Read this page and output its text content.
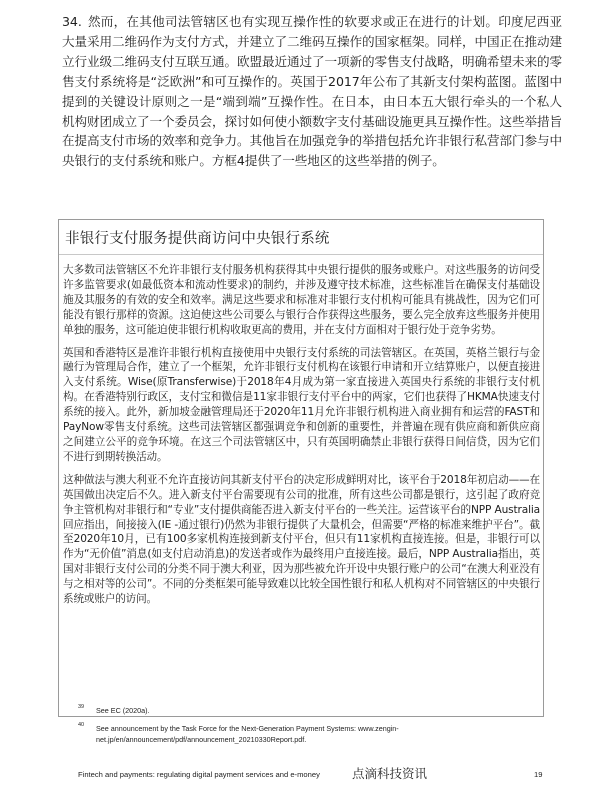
34. 然而，在其他司法管辖区也有实现互操作性的软要求或正在进行的计划。印度尼西亚大量采用二维码作为支付方式，并建立了二维码互操作的国家框架。同样，中国正在推动建立行业级二维码支付互联互通。欧盟最近通过了一项新的零售支付战略，明确希望未来的零售支付系统将是“泛欧洲”和可互操作的。英国于2017年公布了其新支付架构蓝图。蓝图中提到的关键设计原则之一是“端到端”互操作性。在日本，由日本五大银行牵头的一个私人机构财团成立了一个委员会，探讨如何使小额数字支付基础设施更具互操作性。这些举措旨在提高支付市场的效率和竞争力。其他旨在加强竞争的举措包括允许非银行私营部门参与中央银行的支付系统和账户。方框4提供了一些地区的这些举措的例子。
非银行支付服务提供商访问中央银行系统

大多数司法管辖区不允许非银行支付服务机构获得其中央银行提供的服务或账户。对这些服务的访问受许多监管要求(如最低资本和流动性要求)的制约，并涉及遵守技术标准，这些标准旨在确保支付基础设施及其服务的有效的安全和效率。满足这些要求和标准对非银行支付机构可能具有挑战性，因为它们可能没有银行那样的资源。这迫使这些公司要么与银行合作获得这些服务，要么完全放弃这些服务并使用单独的服务，这可能迫使非银行机构收取更高的费用，并在支付方面相对于银行处于竞争劣势。

英国和香港特区是准许非银行机构直接使用中央银行支付系统的司法管辖区。在英国，英格兰银行与金融行为管理局合作，建立了一个框架，允许非银行支付机构在该银行申请和开立结算账户，以便直接进入支付系统。Wise(原Transferwise)于2018年4月成为第一家直接进入英国央行系统的非银行支付机构。在香港特别行政区，支付宝和微信是11家非银行支付平台中的两家，它们也获得了HKMA快速支付系统的接入。此外，新加坡金融管理局还于2020年11月允许非银行机构进入商业拥有和运营的FAST和PayNow零售支付系统。这些司法管辖区都强调竞争和创新的重要性，并普遍在现有供应商和新供应商之间建立公平的竞争环境。在这三个司法管辖区中，只有英国明确禁止非银行获得日间信贷，因为它们不进行到期转换活动。

这种做法与澳大利亚不允许直接访问其新支付平台的决定形成鲜明对比，该平台于2018年初启动——在英国做出决定后不久。进入新支付平台需要现有公司的批准，所有这些公司都是银行，这引起了政府竞争主管机构对非银行和“专业”支付提供商能否进入新支付平台的一些关注。运营该平台的NPP Australia回应指出，间接接入(IE -通过银行)仍然为非银行提供了大量机会，但需要“严格的标准来维护平台”。截至2020年10月，已有100多家机构连接到新支付平台，但只有11家机构直接连接。但是，非银行可以作为“无价值”消息(如支付启动消息)的发送者或作为最终用户直接连接。最后，NPP Australia指出，英国对非银行支付公司的分类不同于澳大利亚，因为那些被允许开设中央银行账户的公司“在澳大利亚没有与之相对等的公司”。不同的分类框架可能导致难以比较全国性银行和私人机构对不同管辖区的中央银行系统或账户的访问。

39 See EC (2020a).
40 See announcement by the Task Force for the Next-Generation Payment Systems: www.zengin-net.jp/en/announcement/pdf/announcement_20210330Report.pdf.
Fintech and payments: regulating digital payment services and e-money	点滴科技资讯	19
